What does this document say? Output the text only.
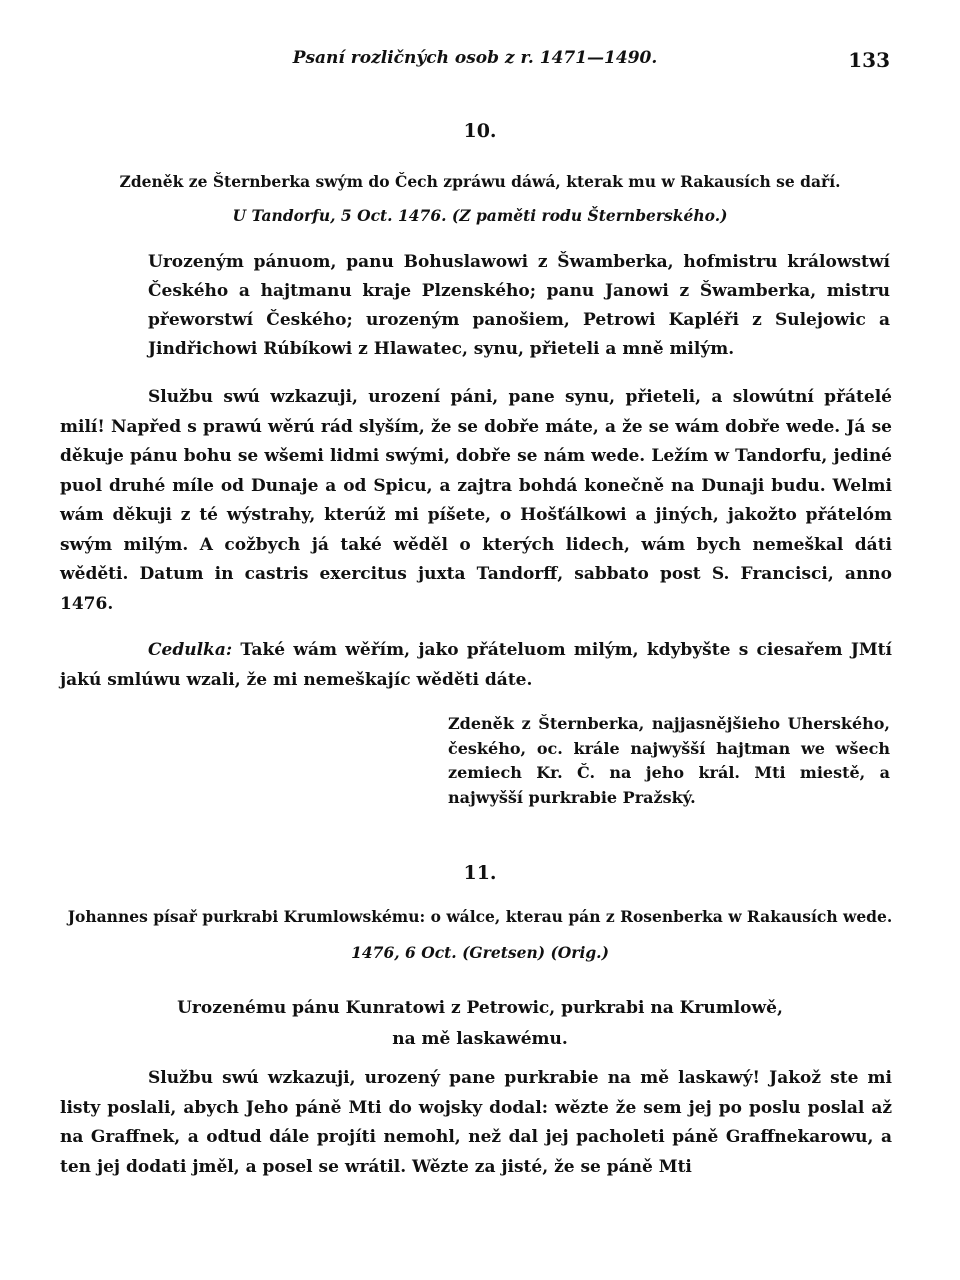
Psaní rozličných osob z r. 1471—1490.	133
10.
Zdeněk ze Šternberka swým do Čech zpráwu dáwá, kterak mu w Rakausích se daří.
U Tandorfu, 5 Oct. 1476. (Z paměti rodu Šternberského.)
Urozeným pánuom, panu Bohuslawowi z Šwamberka, hofmistru králowstwí Českého a hajtmanu kraje Plzenského; panu Janowi z Šwamberka, mistru přeworstwí Českého; urozeným panošiem, Petrowi Kapléři z Sulejowic a Jindřichowi Rúbíkowi z Hlawatec, synu, přieteli a mně milým.
Službu swú wzkazuji, urození páni, pane synu, přieteli, a slowútní přátelé milí! Napřed s prawú wěrú rád slyším, že se dobře máte, a že se wám dobře wede. Já se děkuje pánu bohu se wšemi lidmi swými, dobře se nám wede. Ležím w Tandorfu, jediné puol druhé míle od Dunaje a od Spicu, a zajtra bohdá konečně na Dunaji budu. Welmi wám děkuji z té wýstrahy, kterúž mi píšete, o Hošťálkowi a jiných, jakožto přátelóm swým milým. A cožbych já také wěděl o kterých lidech, wám bych nemeškal dáti wěděti. Datum in castris exercitus juxta Tandorff, sabbato post S. Francisci, anno 1476.
Cedulka: Také wám wěřím, jako přáteluom milým, kdybyšte s ciesařem JMtí jakú smlúwu wzali, že mi nemeškajíc wěděti dáte.
Zdeněk z Šternberka, najjasnějšieho Uherského, českého, oc. krále najwyšší hajtman we wšech zemiech Kr. Č. na jeho král. Mti miestě, a najwyšší purkrabie Pražský.
11.
Johannes písař purkrabi Krumlowskému: o wálce, kterau pán z Rosenberka w Rakausích wede.
1476, 6 Oct. (Gretsen) (Orig.)
Urozenému pánu Kunratowi z Petrowic, purkrabi na Krumlowě,
na mě laskawému.
Službu swú wzkazuji, urozený pane purkrabie na mě laskawý! Jakož ste mi listy poslali, abych Jeho páně Mti do wojsky dodal: wězte že sem jej po poslu poslal až na Graffnek, a odtud dále projíti nemohl, než dal jej pacholeti páně Graffnekarowu, a ten jej dodati jměl, a posel se wrátil. Wězte za jisté, že se páně Mti
